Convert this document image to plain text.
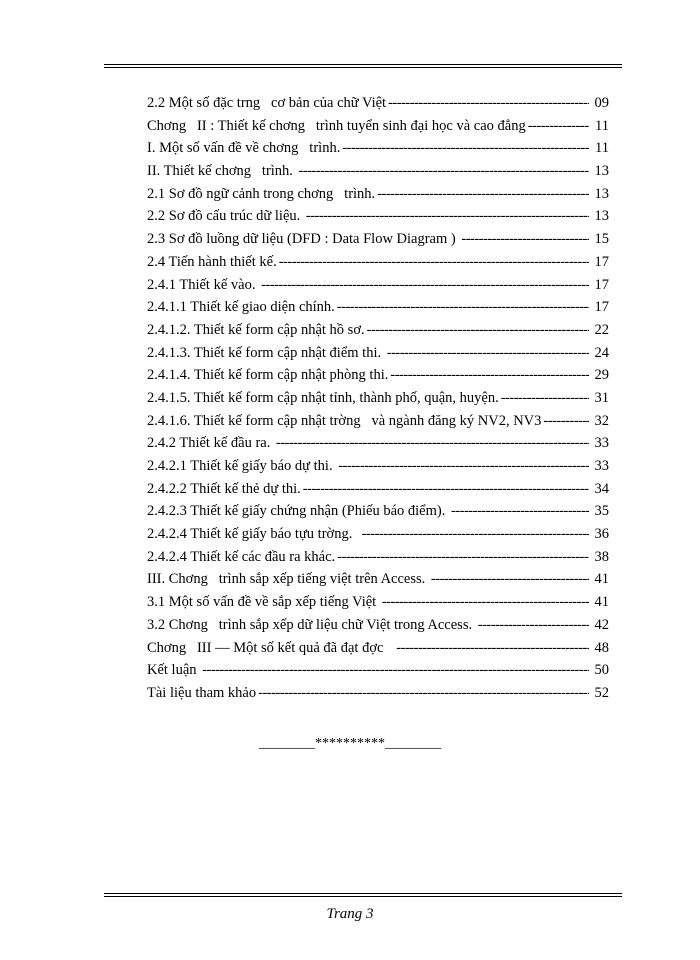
2.2 Một số đặc trng   cơ bản của chữ Việt -----	09
Chơng   II : Thiết kế chơng   trình tuyển sinh đại học và cao đẳng -----	11
I. Một số vấn đề về chơng   trình. -----	11
II. Thiết kế chơng   trình. -----	13
2.1 Sơ đồ ngữ cảnh trong chơng   trình. -----	13
2.2 Sơ đồ cấu trúc dữ liệu. -----	13
2.3 Sơ đồ luồng dữ liệu (DFD : Data Flow Diagram ) -----	15
2.4 Tiến hành thiết kế. -----	17
2.4.1 Thiết kế vào. -----	17
2.4.1.1 Thiết kế giao diện chính. -----	17
2.4.1.2. Thiết kế form cập nhật hồ sơ. -----	22
2.4.1.3. Thiết kế form cập nhật điểm thi. -----	24
2.4.1.4. Thiết kế form cập nhật phòng thi. -----	29
2.4.1.5. Thiết kế form cập nhật tỉnh, thành phố, quận, huyện. -----	31
2.4.1.6. Thiết kế form cập nhật trờng   và ngành đăng ký NV2, NV3 -----	32
2.4.2 Thiết kế đầu ra. -----	33
2.4.2.1 Thiết kế giấy báo dự thi. -----	33
2.4.2.2 Thiết kế thẻ dự thi. -----	34
2.4.2.3 Thiết kế giấy chứng nhận (Phiếu báo điểm). -----	35
2.4.2.4 Thiết kế giấy báo tựu trờng. -----	36
2.4.2.4 Thiết kế các đầu ra khác. -----	38
III. Chơng   trình sắp xếp tiếng việt trên Access. -----	41
3.1 Một số vấn đề về sắp xếp tiếng Việt -----	41
3.2 Chơng   trình sắp xếp dữ liệu chữ Việt trong Access. -----	42
Chơng   III — Một số kết quả đã đạt đợc -----	48
Kết luận -----	50
Tài liệu tham khảo -----	52
________**********________
Trang 3
